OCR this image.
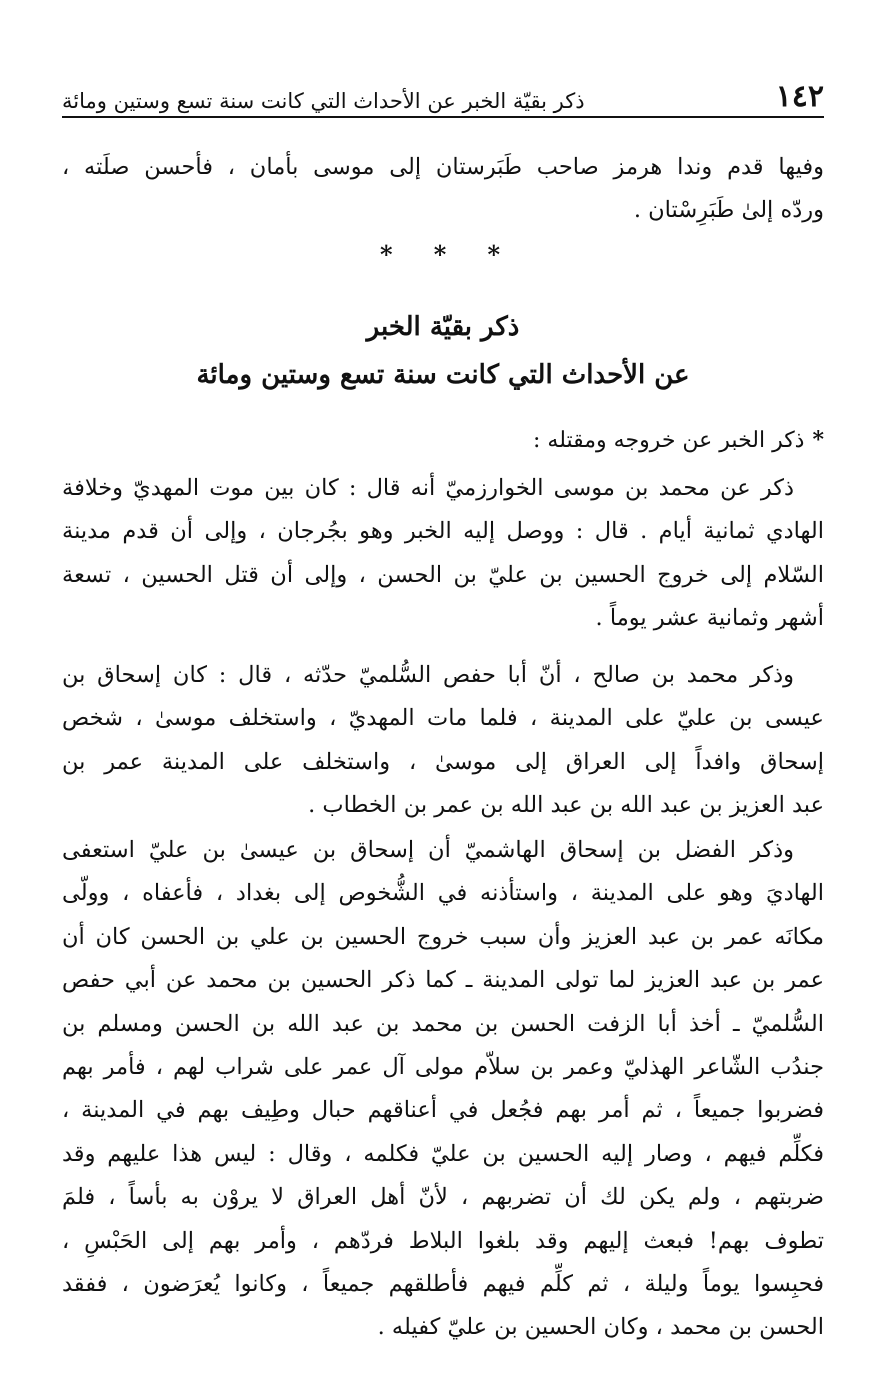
١٤٢
ذكر بقيّة الخبر عن الأحداث التي كانت سنة تسع وستين ومائة
وفيها قدم وندا هرمز صاحب طَبَرستان إلى موسى بأمان ، فأحسن صلَته ،
وردّه إلىٰ طَبَرِسْتان .
* * *
ذكر بقيّة الخبر
عن الأحداث التي كانت سنة تسع وستين ومائة
*ذكر الخبر عن خروجه ومقتله :
ذكر عن محمد بن موسى الخوارزميّ أنه قال : كان بين موت المهديّ وخلافة
الهادي ثمانية أيام . قال : ووصل إليه الخبر وهو بجُرجان ، وإلى أن قدم مدينة
السّلام إلى خروج الحسين بن عليّ بن الحسن ، وإلى أن قتل الحسين ، تسعة
أشهر وثمانية عشر يوماً .
وذكر محمد بن صالح ، أنّ أبا حفص السُّلميّ حدّثه ، قال : كان إسحاق بن
عيسى بن عليّ على المدينة ، فلما مات المهديّ ، واستخلف موسىٰ ، شخص
إسحاق وافداً إلى العراق إلى موسىٰ ، واستخلف على المدينة عمر بن
عبد العزيز بن عبد الله بن عبد الله بن عمر بن الخطاب .
وذكر الفضل بن إسحاق الهاشميّ أن إسحاق بن عيسىٰ بن عليّ استعفى
الهاديَ وهو على المدينة ، واستأذنه في الشُّخوص إلى بغداد ، فأعفاه ، وولّى
مكانَه عمر بن عبد العزيز وأن سبب خروج الحسين بن علي بن الحسن كان أن
عمر بن عبد العزيز لما تولى المدينة ـ كما ذكر الحسين بن محمد عن أبي حفص
السُّلميّ ـ أخذ أبا الزفت الحسن بن محمد بن عبد الله بن الحسن ومسلم بن
جندُب الشّاعر الهذليّ وعمر بن سلاّم مولى آل عمر على شراب لهم ، فأمر بهم
فضربوا جميعاً ، ثم أمر بهم فجُعل في أعناقهم حبال وطِيف بهم في المدينة ،
فكلِّم فيهم ، وصار إليه الحسين بن عليّ فكلمه ، وقال : ليس هذا عليهم وقد
ضربتهم ، ولم يكن لك أن تضربهم ، لأنّ أهل العراق لا يروْن به بأساً ، فلمَ
تطوف بهم! فبعث إليهم وقد بلغوا البلاط فردّهم ، وأمر بهم إلى الحَبْسِ ،
فحبِسوا يوماً وليلة ، ثم كلِّم فيهم فأطلقهم جميعاً ، وكانوا يُعرَضون ، ففقد
الحسن بن محمد ، وكان الحسين بن عليّ كفيله .
